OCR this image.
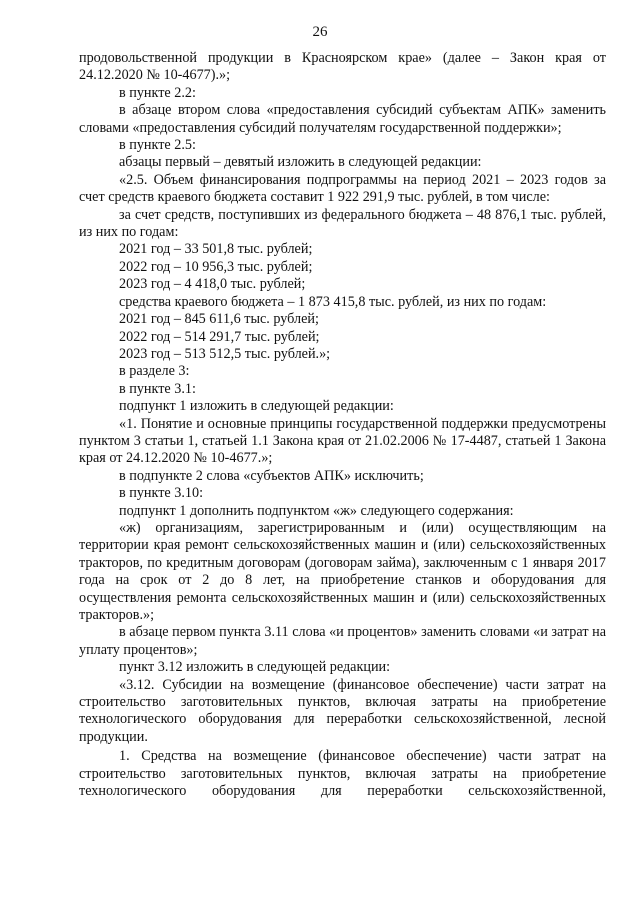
26

продовольственной продукции в Красноярском крае» (далее – Закон края от 24.12.2020 № 10-4677).»;

в пункте 2.2:

в абзаце втором слова «предоставления субсидий субъектам АПК» заменить словами «предоставления субсидий получателям государственной поддержки»;

в пункте 2.5:

абзацы первый – девятый изложить в следующей редакции:

«2.5. Объем финансирования подпрограммы на период 2021 – 2023 годов за счет средств краевого бюджета составит 1 922 291,9 тыс. рублей, в том числе:

за счет средств, поступивших из федерального бюджета – 48 876,1 тыс. рублей, из них по годам:

2021 год – 33 501,8 тыс. рублей;

2022 год – 10 956,3 тыс. рублей;

2023 год – 4 418,0 тыс. рублей;

средства краевого бюджета – 1 873 415,8 тыс. рублей, из них по годам:

2021 год – 845 611,6 тыс. рублей;

2022 год – 514 291,7 тыс. рублей;

2023 год – 513 512,5 тыс. рублей.»;

в разделе 3:

в пункте 3.1:

подпункт 1 изложить в следующей редакции:

«1. Понятие и основные принципы государственной поддержки предусмотрены пунктом 3 статьи 1, статьей 1.1 Закона края от 21.02.2006 № 17-4487, статьей 1 Закона края от 24.12.2020 № 10-4677.»;

в подпункте 2 слова «субъектов АПК» исключить;

в пункте 3.10:

подпункт 1 дополнить подпунктом «ж» следующего содержания:

«ж) организациям, зарегистрированным и (или) осуществляющим на территории края ремонт сельскохозяйственных машин и (или) сельскохозяйственных тракторов, по кредитным договорам (договорам займа), заключенным с 1 января 2017 года на срок от 2 до 8 лет, на приобретение станков и оборудования для осуществления ремонта сельскохозяйственных машин и (или) сельскохозяйственных тракторов.»;

в абзаце первом пункта 3.11 слова «и процентов» заменить словами «и затрат на уплату процентов»;

пункт 3.12 изложить в следующей редакции:

«3.12. Субсидии на возмещение (финансовое обеспечение) части затрат на строительство заготовительных пунктов, включая затраты на приобретение технологического оборудования для переработки сельскохозяйственной, лесной продукции.

1. Средства на возмещение (финансовое обеспечение) части затрат на строительство заготовительных пунктов, включая затраты на приобретение технологического оборудования для переработки сельскохозяйственной,
